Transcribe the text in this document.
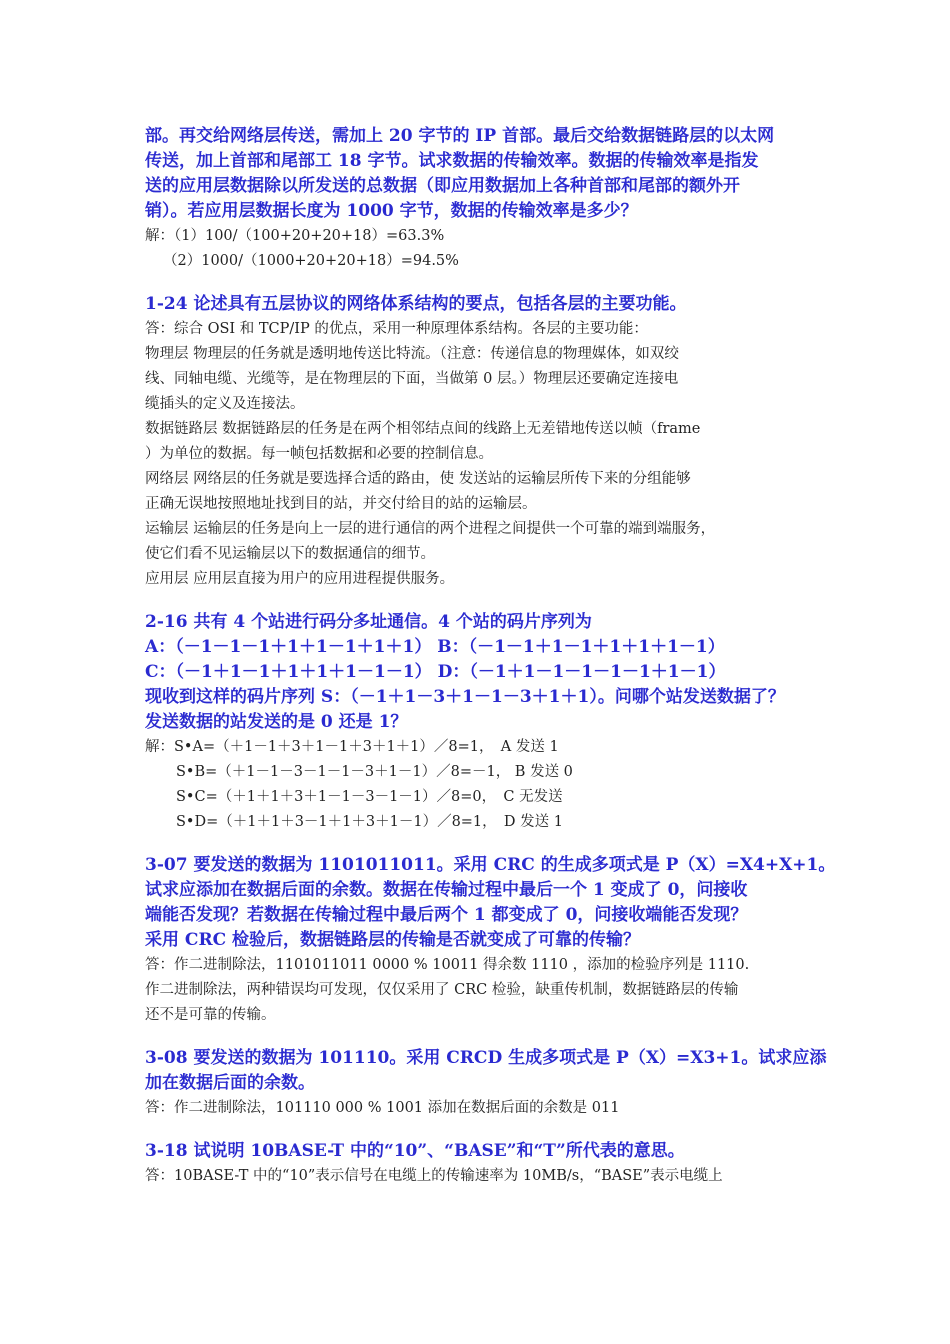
部。再交给网络层传送，需加上 20 字节的 IP 首部。最后交给数据链路层的以太网

传送，加上首部和尾部工 18 字节。试求数据的传输效率。数据的传输效率是指发

送的应用层数据除以所发送的总数据（即应用数据加上各种首部和尾部的额外开

销）。若应用层数据长度为 1000 字节，数据的传输效率是多少？

解：（1）100/（100+20+20+18）=63.3%

（2）1000/（1000+20+20+18）=94.5%

1-24 论述具有五层协议的网络体系结构的要点，包括各层的主要功能。

答：综合 OSI 和 TCP/IP 的优点，采用一种原理体系结构。各层的主要功能：

物理层 物理层的任务就是透明地传送比特流。（注意：传递信息的物理媒体，如双绞

线、同轴电缆、光缆等，是在物理层的下面，当做第 0 层。）物理层还要确定连接电

缆插头的定义及连接法。

数据链路层 数据链路层的任务是在两个相邻结点间的线路上无差错地传送以帧（frame

）为单位的数据。每一帧包括数据和必要的控制信息。

网络层 网络层的任务就是要选择合适的路由，使 发送站的运输层所传下来的分组能够

正确无误地按照地址找到目的站，并交付给目的站的运输层。

运输层 运输层的任务是向上一层的进行通信的两个进程之间提供一个可靠的端到端服务，

使它们看不见运输层以下的数据通信的细节。

应用层 应用层直接为用户的应用进程提供服务。

2-16 共有 4 个站进行码分多址通信。4 个站的码片序列为

A：（－1－1－1＋1＋1－1＋1＋1） B：（－1－1＋1－1＋1＋1＋1－1）

C：（－1＋1－1＋1＋1＋1－1－1） D：（－1＋1－1－1－1－1＋1－1）

现收到这样的码片序列 S：（－1＋1－3＋1－1－3＋1＋1）。问哪个站发送数据了？

发送数据的站发送的是 0 还是 1？

解：S•A=（＋1－1＋3＋1－1＋3＋1＋1）／8=1，　A 发送 1

S•B=（＋1－1－3－1－1－3＋1－1）／8=－1， B 发送 0

S•C=（＋1＋1＋3＋1－1－3－1－1）／8=0，　C 无发送

S•D=（＋1＋1＋3－1＋1＋3＋1－1）／8=1，　D 发送 1

3-07 要发送的数据为 1101011011。采用 CRC 的生成多项式是 P（X）=X4+X+1。

试求应添加在数据后面的余数。数据在传输过程中最后一个 1 变成了 0，问接收

端能否发现？若数据在传输过程中最后两个 1 都变成了 0，问接收端能否发现？

采用 CRC 检验后，数据链路层的传输是否就变成了可靠的传输？

答：作二进制除法，1101011011 0000 % 10011 得余数 1110 ，添加的检验序列是 1110.

作二进制除法，两种错误均可发现，仅仅采用了 CRC 检验，缺重传机制，数据链路层的传输

还不是可靠的传输。

3-08 要发送的数据为 101110。采用 CRCD 生成多项式是 P（X）=X3+1。试求应添

加在数据后面的余数。

答：作二进制除法，101110 000 % 1001 添加在数据后面的余数是 011

3-18 试说明 10BASE-T 中的“10”、“BASE”和“T”所代表的意思。

答：10BASE-T 中的“10”表示信号在电缆上的传输速率为 10MB/s，“BASE”表示电缆上
